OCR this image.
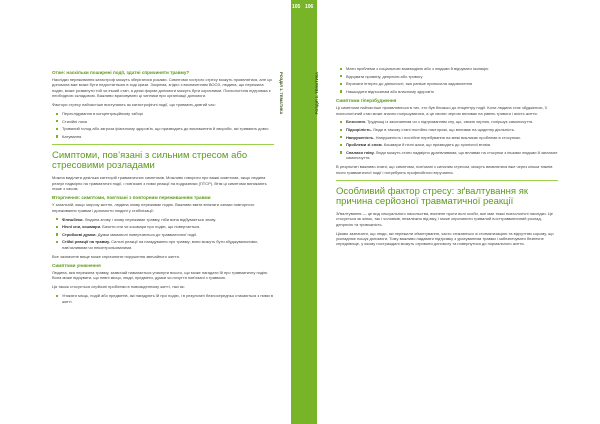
Отже: наскільки поширені події, здатні спричиняти травму?

Наслідки переживання катастроф можуть зберігатися роками. Симптоми гострого стресу можуть проявлятися, але ця допомога вже може бути недостатньою в ході кризи. Зокрема, згідно з визначенням ВООЗ, людина, що пережила подію, може розвинути той чи інший стан, а деякі форми допомоги можуть бути корисними. Психологічна підтримка є необхідною складовою. Важливо враховувати ці чинники при організації допомоги.

Фактори стресу найчастіше виступають як катастрофічні події, що тривають довгий час:

Переслідування в концентраційному таборі
Стихійні лиха
Тривалий голод або загроза фізичному здоров’ю, що призводить до виснаження й хвороби, які тривають довго
Катування
Симптоми, пов’язані з сильним стресом або стресовими розладами

Можна виділити декілька категорій травматичних симптомів. Можливо говорити про важкі симптоми, якщо людина реагує надмірно на травматичні події, і пов’язані з ними реакції на подразники (ПТСР). Втім ці симптоми виникають лише з часом.

Вторгнення: симптоми, пов’язані з повторним переживанням травми

У загальній, якщо загрозу життю, людина знову переживає подію. Важливо вміти впізнати ознаки повторного переживання травми і допомогти людині у стабілізації:

Флешбеки. Людина знову і знову переживає травму, ніби вона відбувається знову.
Нічні сни, кошмари. Бачити сни чи кошмари про подію, що повертається.
Стрибкові думки. Думки мимоволі повертаються до травматичної події.
Стійкі реакції на травму. Сильні реакції на нагадування про травму; вони можуть бути збуджувальними, нав’язливими чи неконтрольованими.

Все зазначене вище може спричинити порушення звичайного життя.

Симптоми уникнення

Людина, яка пережила травму, зазвичай намагається уникнути всього, що може нагадати їй про травматичну подію. Вона може відчувати, що певні місця, люди, предмети, думки чи почуття пов’язані з травмою.

Ця також стосується серйозні проблеми в повсякденному житті, такі як:

Уникати місць, подій або предметів, які нагадують їй про подію, і в результаті безпосередньо стикаються з ними в житті.
105 106
РОЗДІЛ 1. ТЕМАТИКА	РОЗДІЛ 1. ТЕМАТИКА
Мати проблеми з соціальною взаємодією або з людьми й відчувати ізоляцію
Відчувати провину, депресію або тривогу
Втрачати інтерес до діяльності, яка раніше приносила задоволення
Нашкодити відносинам або власному здоров’ю
Симптоми гіперзбудження

Ці симптоми найчастіше проявляються в тих, хто був близько до епіцентру події. Коли людина стає збудженою, її психологічний стан може значно погіршуватися, а це своєю чергою впливає на рівень тривоги і якість життя:

Безсоння. Труднощі із засинанням чи з підтриманням сну, що, своєю чергою, погіршує самопочуття.
Підозрілість. Люди в такому стані постійно насторожі, що впливає на щоденну діяльність.
Напруженість. Напруженість і постійне перебування на межі викликає проблеми в стосунках.
Проблеми зі сном. Кошмари й нічні жахи, що призводять до хронічної втоми.
Спалахи гніву. Люди можуть стати надмірно дратівливими, що впливає на стосунки з іншими людьми й загальне самопочуття.

В результаті важливо знати, що симптоми, пов’язані з сильним стресом, можуть виявлятися вже через кілька тижнів після травматичної події і потребують професійного втручання.

Особливий фактор стресу: зґвалтування як причина серйозної травматичної реакції

Зґвалтування — це вид сексуального насильства, вчинене проти волі особи, яке має тяжкі психологічні наслідки. Це стосується як жінок, так і чоловіків, незалежно від віку, і може спричинити тривалий посттравматичний розлад, депресію та тривожність.

Цікаво зазначити, що люди, які пережили зґвалтування, часто стикаються зі стигматизацією та відчуттям сорому, що ускладнює пошук допомоги. Тому важливо надавати підтримку з урахуванням травми і забезпечувати безпечне середовище, у якому постраждалі можуть отримати допомогу та повернутися до нормального життя.
